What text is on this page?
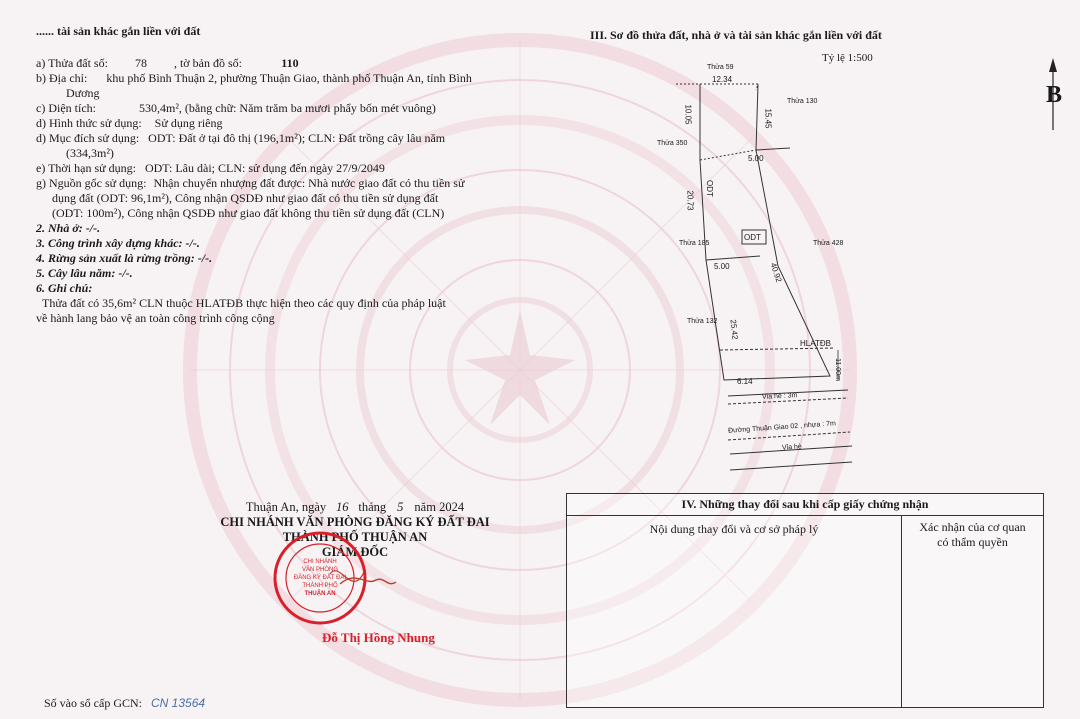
...... tài sản khác gắn liền với đất	III. Sơ đồ thửa đất, nhà ở và tài sản khác gắn liền với đất
Tỷ lệ 1:500
a) Thửa đất số: 78 , tờ bản đồ số:	110
b) Địa chỉ: khu phố Bình Thuận 2, phường Thuận Giao, thành phố Thuận An, tỉnh Bình
Dương
c) Diện tích:	530,4m², (bằng chữ: Năm trăm ba mươi phẩy bốn mét vuông)
d) Hình thức sử dụng: Sử dụng riêng
d) Mục đích sử dụng: ODT: Đất ở tại đô thị (196,1m²); CLN: Đất trồng cây lâu năm
(334,3m²)
e) Thời hạn sử dụng: ODT: Lâu dài; CLN: sử dụng đến ngày 27/9/2049
g) Nguồn gốc sử dụng: Nhận chuyển nhượng đất được: Nhà nước giao đất có thu tiền sử
dụng đất (ODT: 96,1m²), Công nhận QSDĐ như giao đất có thu tiền sử dụng đất
(ODT: 100m²), Công nhận QSDĐ như giao đất không thu tiền sử dụng đất (CLN)
2. Nhà ở: -/-.
3. Công trình xây dựng khác: -/-.
4. Rừng sản xuất là rừng trồng: -/-.
5. Cây lâu năm: -/-.
6. Ghi chú:
Thửa đất có 35,6m² CLN thuộc HLATĐB thực hiện theo các quy định của pháp luật
về hành lang bảo vệ an toàn công trình công cộng
B
Thửa 59
Thửa 130
Thửa 350
Thửa 185	Thửa 428
Thửa 132
12.34
10.05	15.45
5.00
20.73
ODT
ODT
5.00	40.92
25.42
HLATĐB
6.14
11.00m
Vỉa hè : 3m
Đường Thuận Giao 02 , nhựa : 7m
Vỉa hè
Thuận An, ngày 16 tháng 5 năm 2024
CHI NHÁNH VĂN PHÒNG ĐĂNG KÝ ĐẤT ĐAI
THÀNH PHỐ THUẬN AN
GIÁM ĐỐC
CHI NHÁNH
VĂN PHÒNG
ĐĂNG KÝ ĐẤT ĐAI
THÀNH PHỐ
THUẬN AN
Đỗ Thị Hồng Nhung
IV. Những thay đổi sau khi cấp giấy chứng nhận
Nội dung thay đổi và cơ sở pháp lý	Xác nhận của cơ quan
có thẩm quyền
Số vào sổ cấp GCN: CN 13564
